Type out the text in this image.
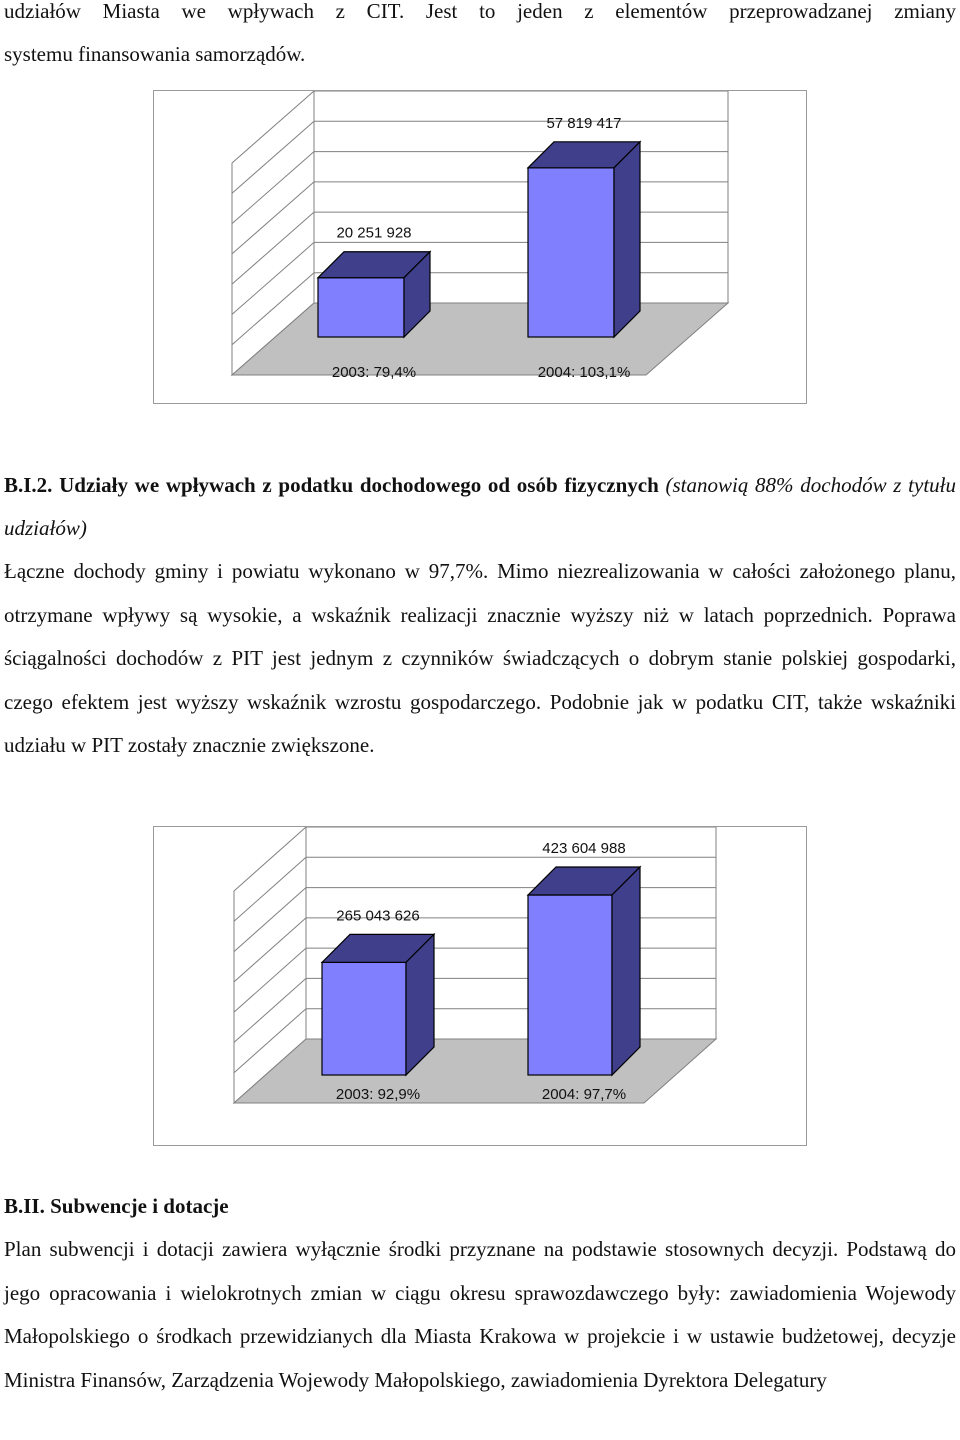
udziałów Miasta we wpływach z CIT. Jest to jeden z elementów przeprowadzanej zmiany

systemu finansowania samorządów.

20 251 928
2003: 79,4%
57 819 417
2004: 103,1%
B.I.2. Udziały we wpływach z podatku dochodowego od osób fizycznych (stanowią 88% dochodów z tytułu udziałów)

Łączne dochody gminy i powiatu wykonano w 97,7%. Mimo niezrealizowania w całości założonego planu, otrzymane wpływy są wysokie, a wskaźnik realizacji znacznie wyższy niż w latach poprzednich. Poprawa ściągalności dochodów z PIT jest jednym z czynników świadczących o dobrym stanie polskiej gospodarki, czego efektem jest wyższy wskaźnik wzrostu gospodarczego. Podobnie jak w podatku CIT, także wskaźniki udziału w PIT zostały znacznie zwiększone.

265 043 626
2003: 92,9%
423 604 988
2004: 97,7%

B.II. Subwencje i dotacje

Plan subwencji i dotacji zawiera wyłącznie środki przyznane na podstawie stosownych decyzji. Podstawą do jego opracowania i wielokrotnych zmian w ciągu okresu sprawozdawczego były: zawiadomienia Wojewody Małopolskiego o środkach przewidzianych dla Miasta Krakowa w projekcie i w ustawie budżetowej, decyzje Ministra Finansów, Zarządzenia Wojewody Małopolskiego, zawiadomienia Dyrektora Delegatury
